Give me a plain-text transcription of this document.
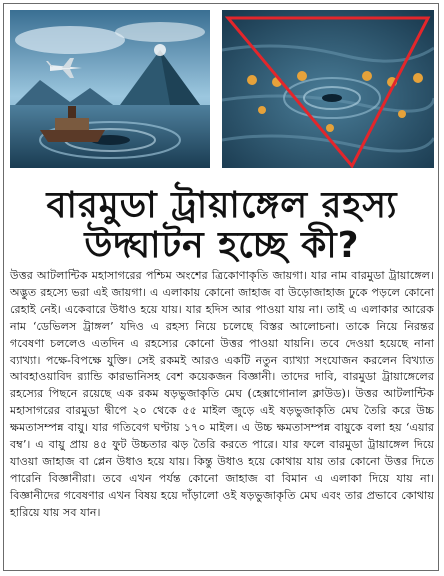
বারমুডা ট্রায়াঙ্গেল রহস্য
উদ্ঘাটন হচ্ছে কী?

উত্তর আটলান্টিক মহাসাগরের পশ্চিম অংশের ত্রিকোণাকৃতি জায়গা। যার নাম বারমুডা ট্রায়াঙ্গেল। অদ্ভুত রহস্যে ভরা এই জায়গা। এ এলাকায় কোনো জাহাজ বা উড়োজাহাজ ঢুকে পড়লে কোনো রেহাই নেই। একেবারে উধাও হয়ে যায়। যার হদিস আর পাওয়া যায় না। তাই এ এলাকার আরেক নাম ‘ডেভিলস ট্রাঙ্গল’ যদিও এ রহস্য নিয়ে চলেছে বিস্তর আলোচনা। তাকে নিয়ে নিরন্তর গবেষণা চললেও এতদিন এ রহস্যের কোনো উত্তর পাওয়া যায়নি। তবে দেওয়া হয়েছে নানা ব্যাখ্যা। পক্ষে-বিপক্ষে যুক্তি। সেই রকমই আরও একটি নতুন ব্যাখ্যা সংযোজন করলেন বিখ্যাত আবহাওয়াবিদ র‍্যান্ডি কারভানিসহ বেশ কয়েকজন বিজ্ঞানী। তাদের দাবি, বারমুডা ট্রায়াঙ্গেলের রহস্যের পিছনে রয়েছে এক রকম ষড়ভুজাকৃতি মেঘ (হেক্সাগোনাল ক্লাউড)। উত্তর আটলান্টিক মহাসাগরের বারমুডা দ্বীপে ২০ থেকে ৫৫ মাইল জুড়ে এই ষড়ভুজাকৃতি মেঘ তৈরি করে উচ্চ ক্ষমতাসম্পন্ন বায়ু। যার গতিবেগ ঘণ্টায় ১৭০ মাইল। এ উচ্চ ক্ষমতাসম্পন্ন বায়ুকে বলা হয় ‘এয়ার বম্ব’। এ বায়ু প্রায় ৪৫ ফুট উচ্চতার ঝড় তৈরি করতে পারে। যার ফলে বারমুডা ট্রায়াঙ্গেল দিয়ে যাওয়া জাহাজ বা প্লেন উধাও হয়ে যায়। কিন্তু উধাও হয়ে কোথায় যায় তার কোনো উত্তর দিতে পারেনি বিজ্ঞানীরা। তবে এখন পর্যন্ত কোনো জাহাজ বা বিমান এ এলাকা দিয়ে যায় না। বিজ্ঞানীদের গবেষণার এখন বিষয় হয়ে দাঁড়ালো ওই ষড়ভুজাকৃতি মেঘ এবং তার প্রভাবে কোথায় হারিয়ে যায় সব যান।
